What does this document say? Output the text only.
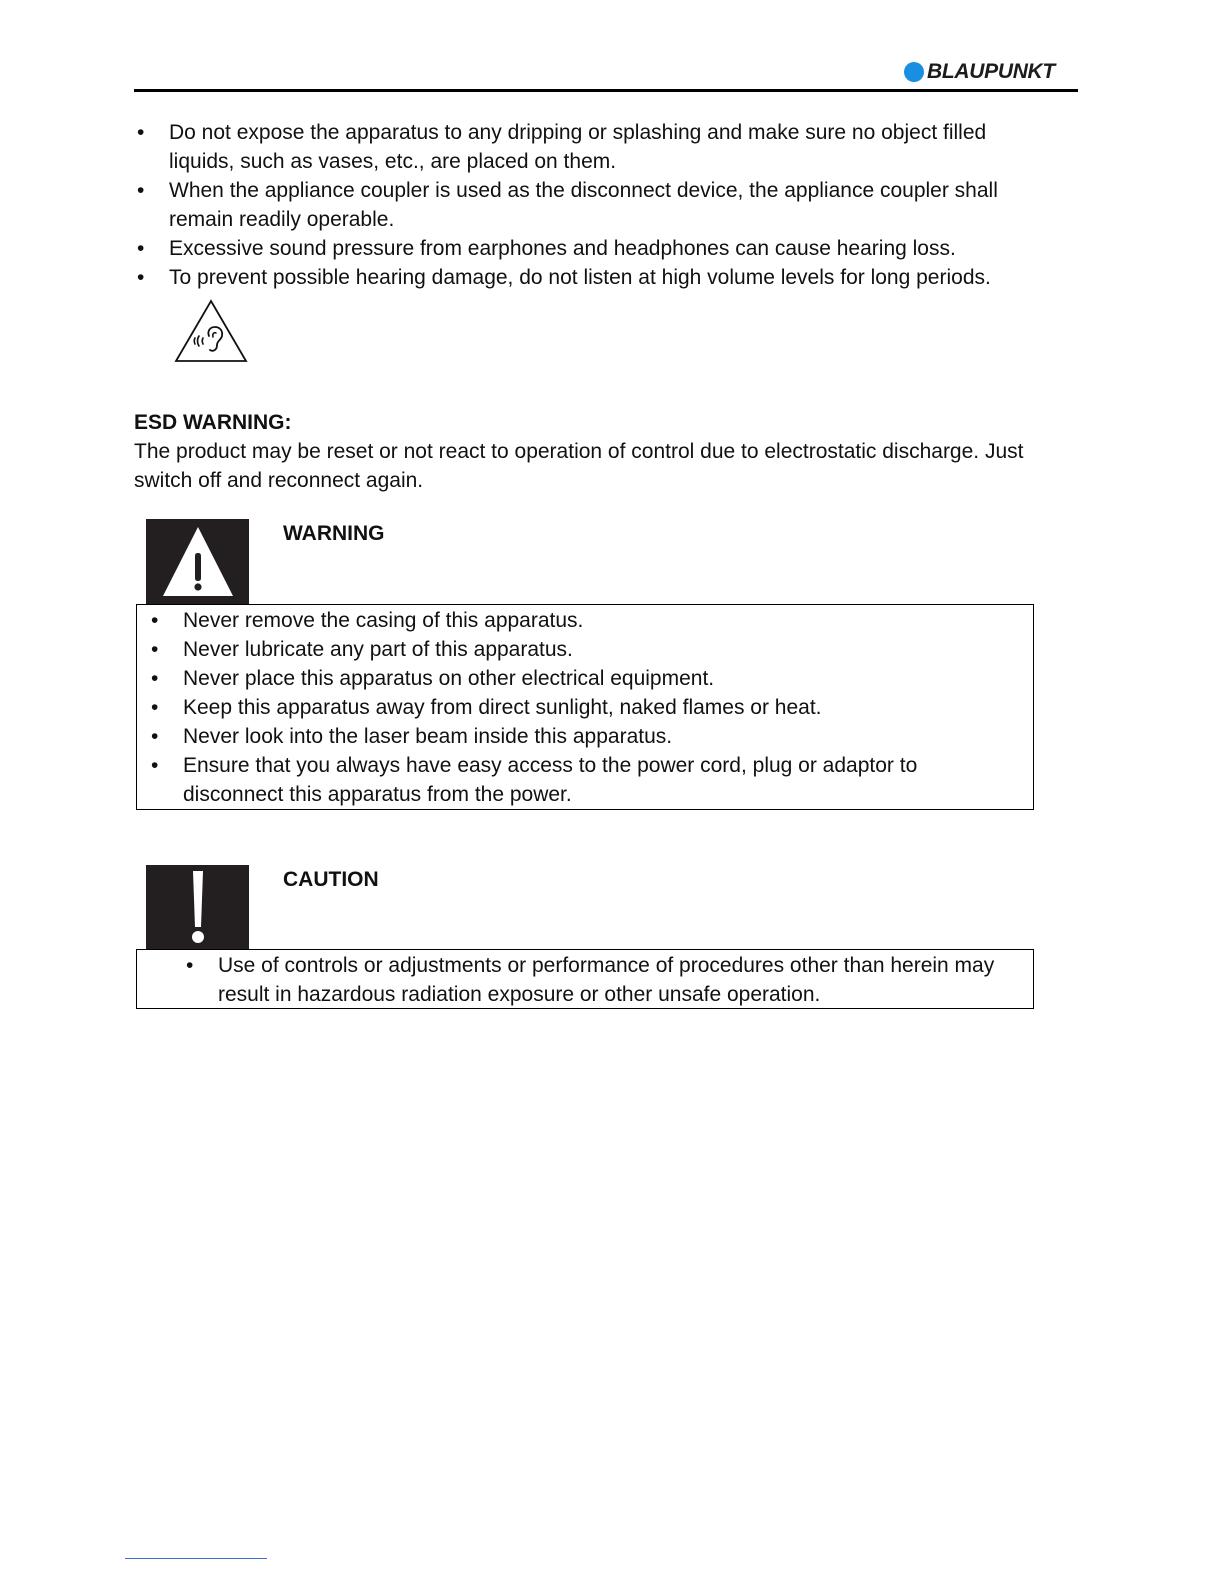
BLAUPUNKT
• Do not expose the apparatus to any dripping or splashing and make sure no object filled liquids, such as vases, etc., are placed on them.
• When the appliance coupler is used as the disconnect device, the appliance coupler shall remain readily operable.
• Excessive sound pressure from earphones and headphones can cause hearing loss.
• To prevent possible hearing damage, do not listen at high volume levels for long periods.
ESD WARNING:
The product may be reset or not react to operation of control due to electrostatic discharge. Just switch off and reconnect again.
WARNING
• Never remove the casing of this apparatus.
• Never lubricate any part of this apparatus.
• Never place this apparatus on other electrical equipment.
• Keep this apparatus away from direct sunlight, naked flames or heat.
• Never look into the laser beam inside this apparatus.
• Ensure that you always have easy access to the power cord, plug or adaptor to disconnect this apparatus from the power.
CAUTION
• Use of controls or adjustments or performance of procedures other than herein may result in hazardous radiation exposure or other unsafe operation.
